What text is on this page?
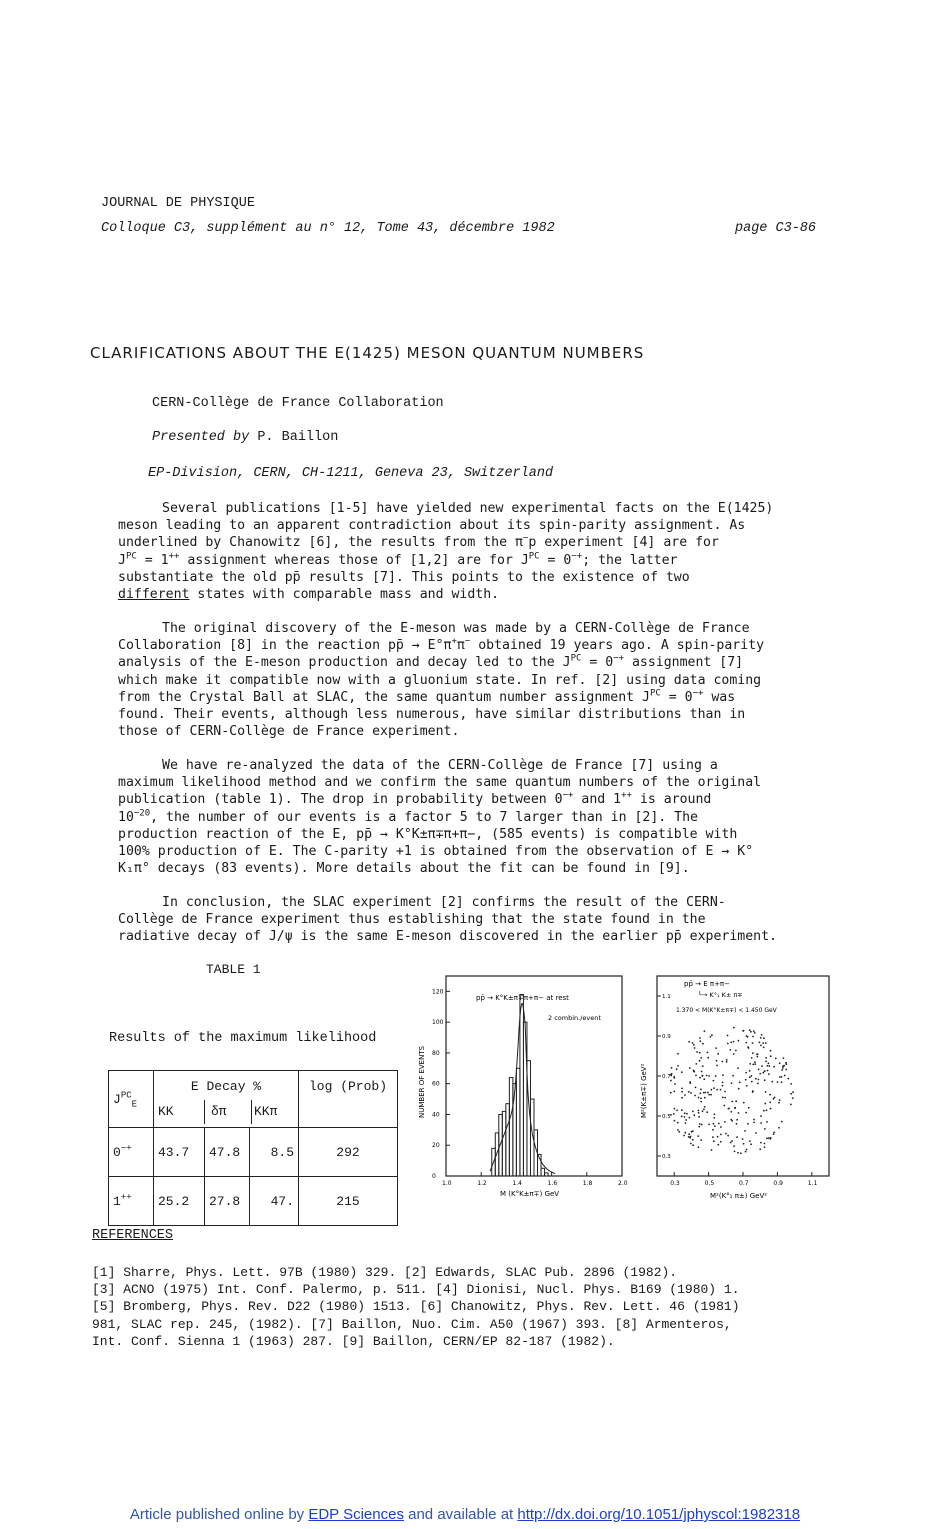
JOURNAL DE PHYSIQUE
Colloque C3, supplément au n° 12, Tome 43, décembre 1982	page C3-86
CLARIFICATIONS ABOUT THE E(1425) MESON QUANTUM NUMBERS
CERN-Collège de France Collaboration
Presented by P. Baillon
EP-Division, CERN, CH-1211, Geneva 23, Switzerland
Several publications [1-5] have yielded new experimental facts on the E(1425)
meson leading to an apparent contradiction about its spin-parity assignment. As
underlined by Chanowitz [6], the results from the π−p experiment [4] are for
$J^{PC} = 1^{++}$ assignment whereas those of [1,2] are for $J^{PC} = 0^{-+}$; the latter
substantiate the old pp̄ results [7]. This points to the existence of two
different states with comparable mass and width.
The original discovery of the E-meson was made by a CERN-Collège de France
Collaboration [8] in the reaction pp̄ → E°π+π− obtained 19 years ago. A spin-parity
analysis of the E-meson production and decay led to the $J^{PC} = 0^{-+}$ assignment [7]
which make it compatible now with a gluonium state. In ref. [2] using data coming
from the Crystal Ball at SLAC, the same quantum number assignment $J^{PC} = 0^{-+}$ was
found. Their events, although less numerous, have similar distributions than in
those of CERN-Collège de France experiment.
We have re-analyzed the data of the CERN-Collège de France [7] using a
maximum likelihood method and we confirm the same quantum numbers of the original
publication (table 1). The drop in probability between 0−+ and 1++ is around
$10^{-20}$, the number of our events is a factor 5 to 7 larger than in [2]. The
production reaction of the E, pp̄ → K°K±π∓π+π−, (585 events) is compatible with
100% production of E. The C-parity +1 is obtained from the observation of E → K°
K₁π° decays (83 events). More details about the fit can be found in [9].
In conclusion, the SLAC experiment [2] confirms the result of the CERN-
Collège de France experiment thus establishing that the state found in the
radiative decay of J/ψ is the same E-meson discovered in the earlier pp̄ experiment.
TABLE 1
Results of the maximum likelihood
$J^{PC}_E$	E Decay %
KK δπ KKπ			log (Prob)
0−+	43.7	47.8	8.5	292
1++	25.2	27.8	47.	215
pp̄ → K°K±π∓π+π− at rest
2 combin./event
M (K°K±π∓) GeV
NUMBER OF EVENTS
1.0	1.2	1.4	1.6	1.8	2.0
0
20
40
60
80
100
120
pp̄ → E π+π−
└→ K°₁ K± π∓
1.370 < M(K°K±π∓) < 1.450 GeV
M²(K°₁ π±) GeV²
M²(K±π∓) GeV²
0.3	0.5	0.7	0.9	1.1
0.3
0.5
0.7
0.9
1.1
REFERENCES
[1] Sharre, Phys. Lett. 97B (1980) 329. [2] Edwards, SLAC Pub. 2896 (1982).
[3] ACNO (1975) Int. Conf. Palermo, p. 511. [4] Dionisi, Nucl. Phys. B169 (1980) 1.
[5] Bromberg, Phys. Rev. D22 (1980) 1513. [6] Chanowitz, Phys. Rev. Lett. 46 (1981)
981, SLAC rep. 245, (1982). [7] Baillon, Nuo. Cim. A50 (1967) 393. [8] Armenteros,
Int. Conf. Sienna 1 (1963) 287. [9] Baillon, CERN/EP 82-187 (1982).
Article published online by EDP Sciences and available at http://dx.doi.org/10.1051/jphyscol:1982318
